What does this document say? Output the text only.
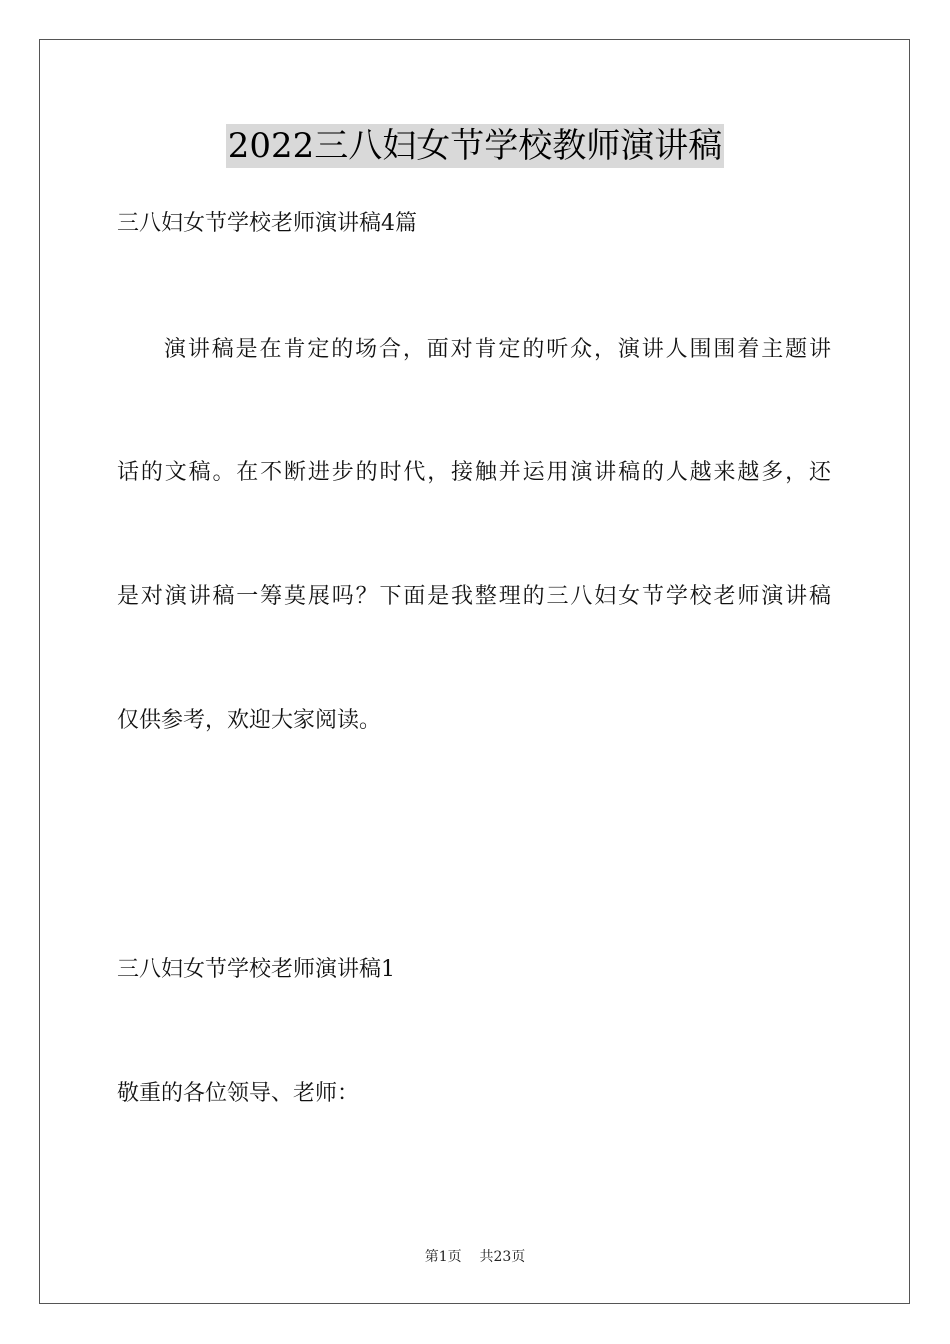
2022三八妇女节学校教师演讲稿
三八妇女节学校老师演讲稿4篇
演讲稿是在肯定的场合，面对肯定的听众，演讲人围围着主题讲
话的文稿。在不断进步的时代，接触并运用演讲稿的人越来越多，还
是对演讲稿一筹莫展吗？下面是我整理的三八妇女节学校老师演讲稿
仅供参考，欢迎大家阅读。
三八妇女节学校老师演讲稿1
敬重的各位领导、老师：
第1页    共23页
